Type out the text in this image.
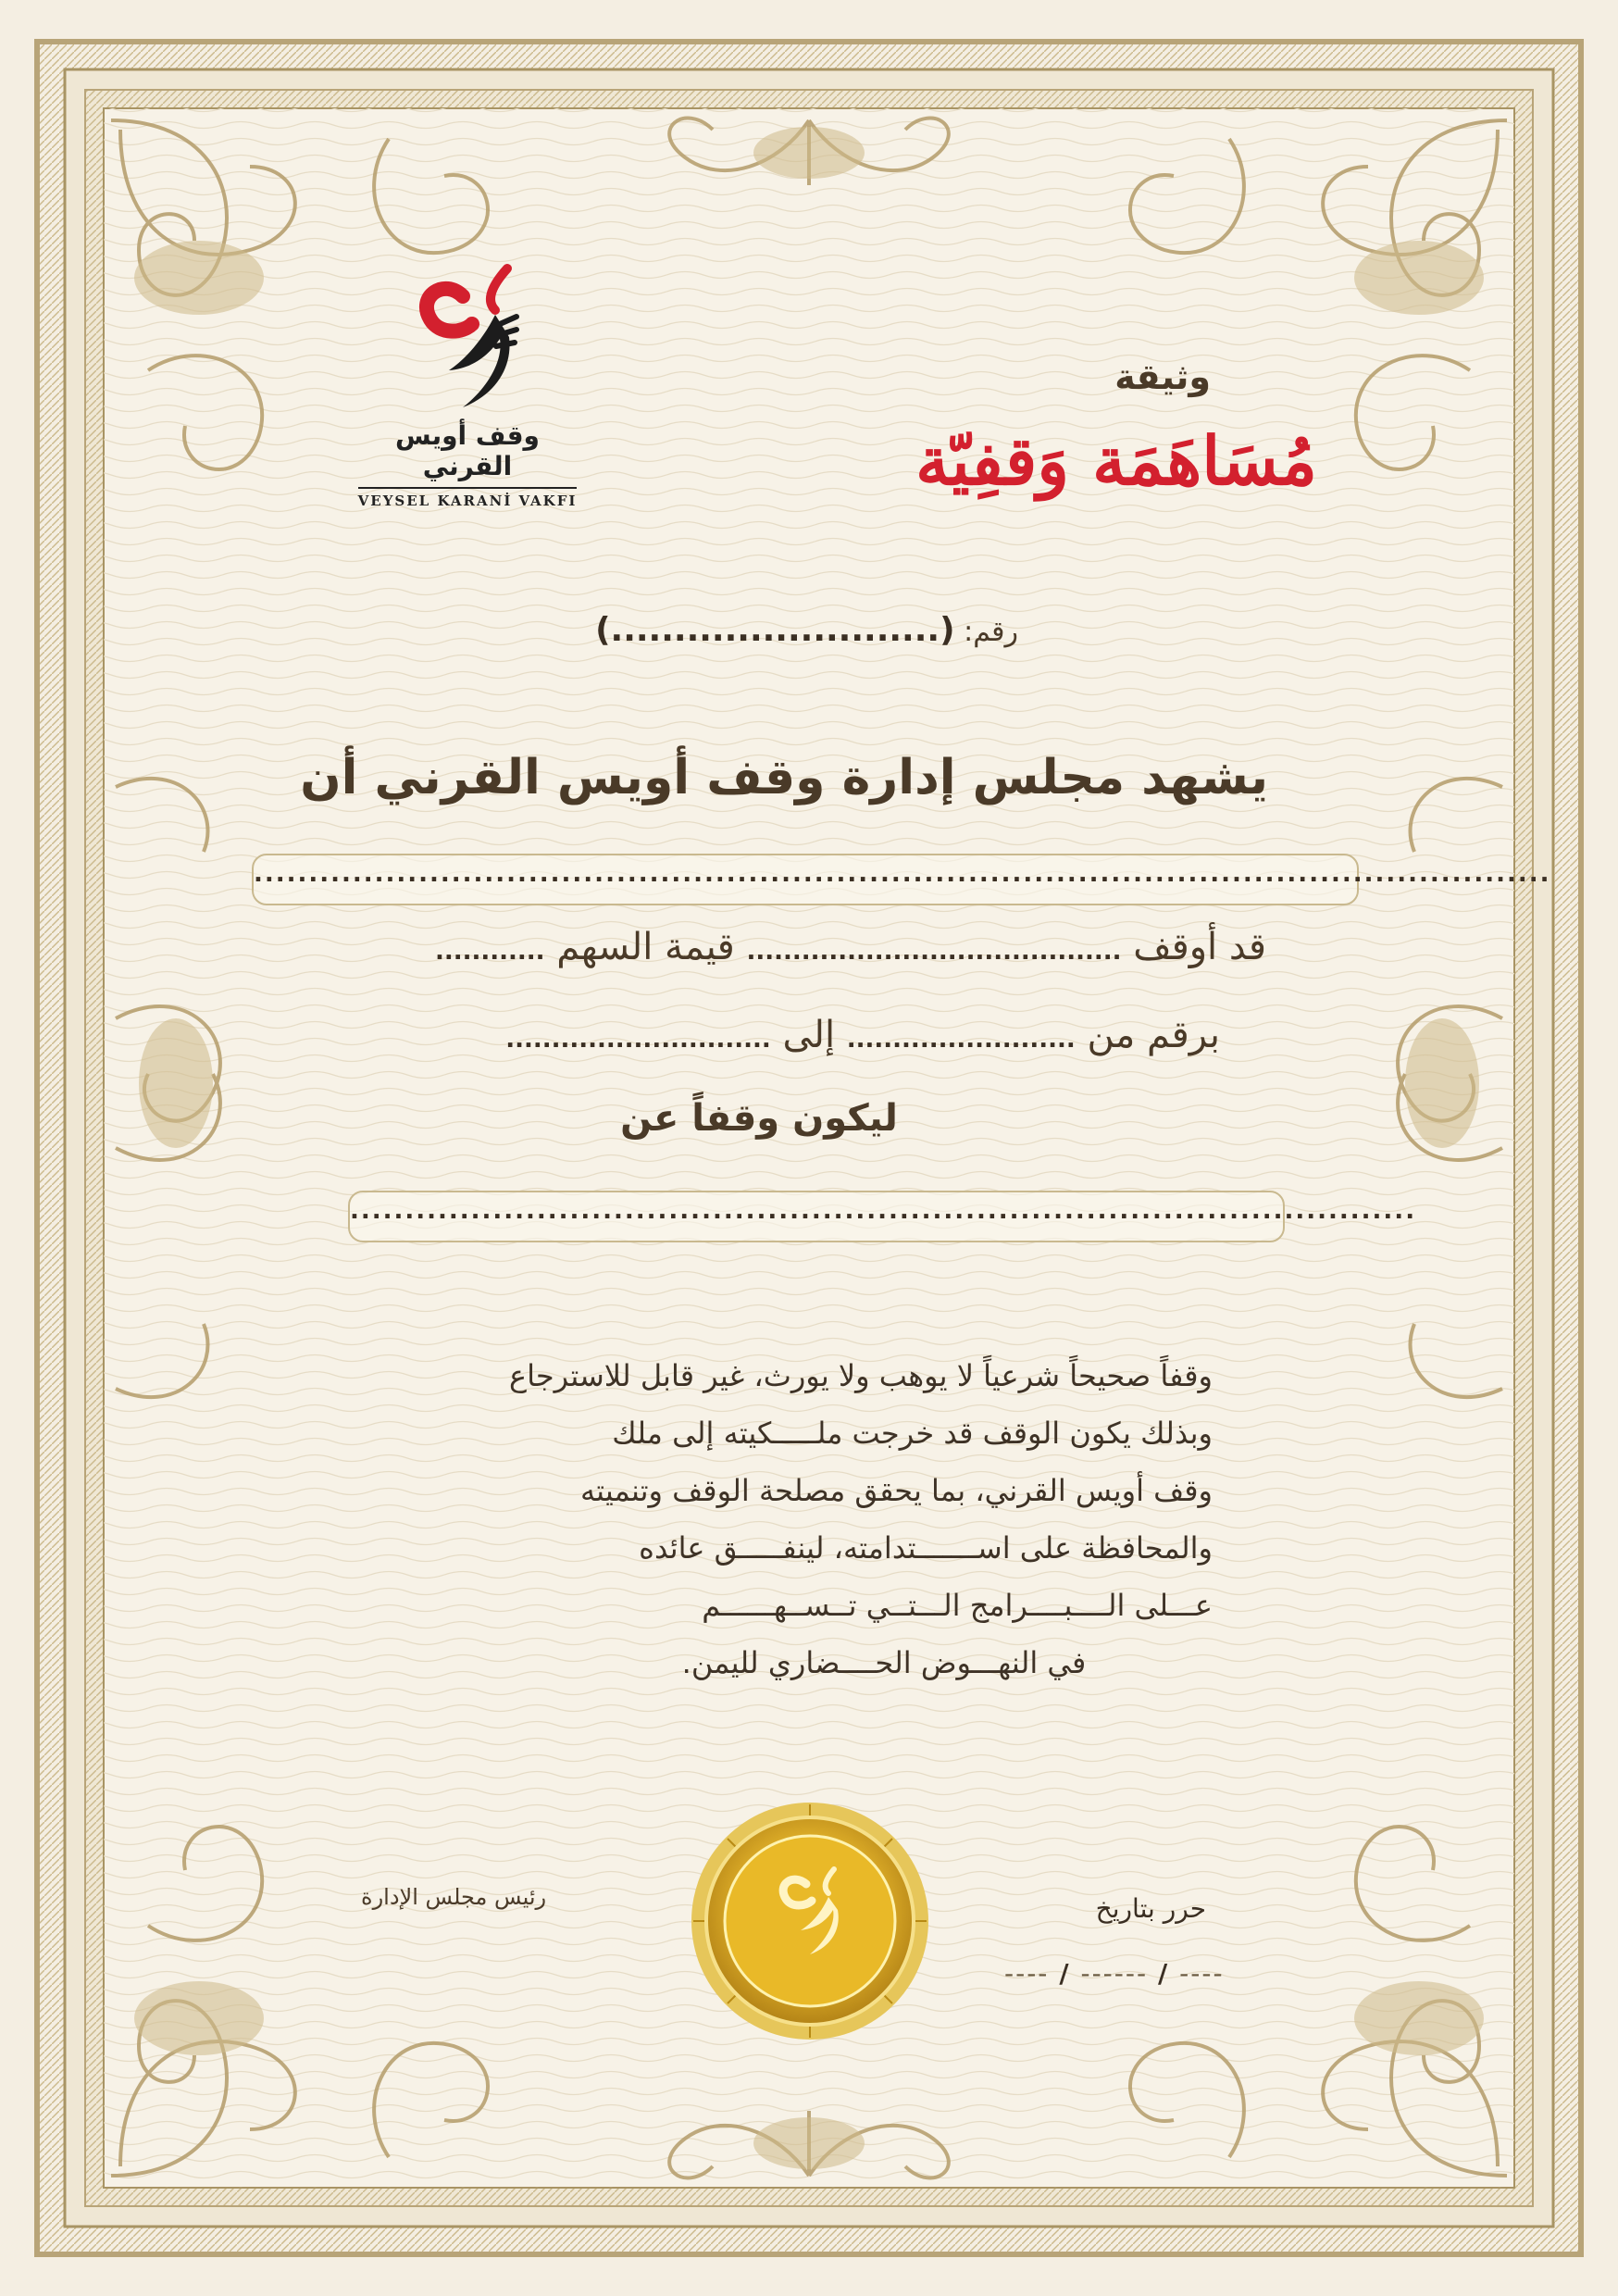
وقف أويس القرني
VEYSEL KARANİ VAKFI
وثيقة
مُسَاهَمَة وَقفِيّة
رقم: (..........................)
يشهد مجلس إدارة وقف أويس القرني أن
......................................................................................................................
قد أوقف ......................................... قيمة السهم ............
برقم من ......................... إلى .............................
ليكون وقفاً عن
.................................................................................................
وقفاً صحيحاً شرعياً لا يوهب ولا يورث، غير قابل للاسترجاع
وبذلك يكون الوقف قد خرجت ملـــــكيته إلى ملك
وقف أويس القرني، بما يحقق مصلحة الوقف وتنميته
والمحافظة على اســـــــتدامته، لينفـــــق عائده
عـــلى الــــبــــرامج الـــتــي تــســهــــــم
في النهـــوض الحــــضاري لليمن.
رئيس مجلس الإدارة	حرر بتاريخ
---- / ------ / ----
